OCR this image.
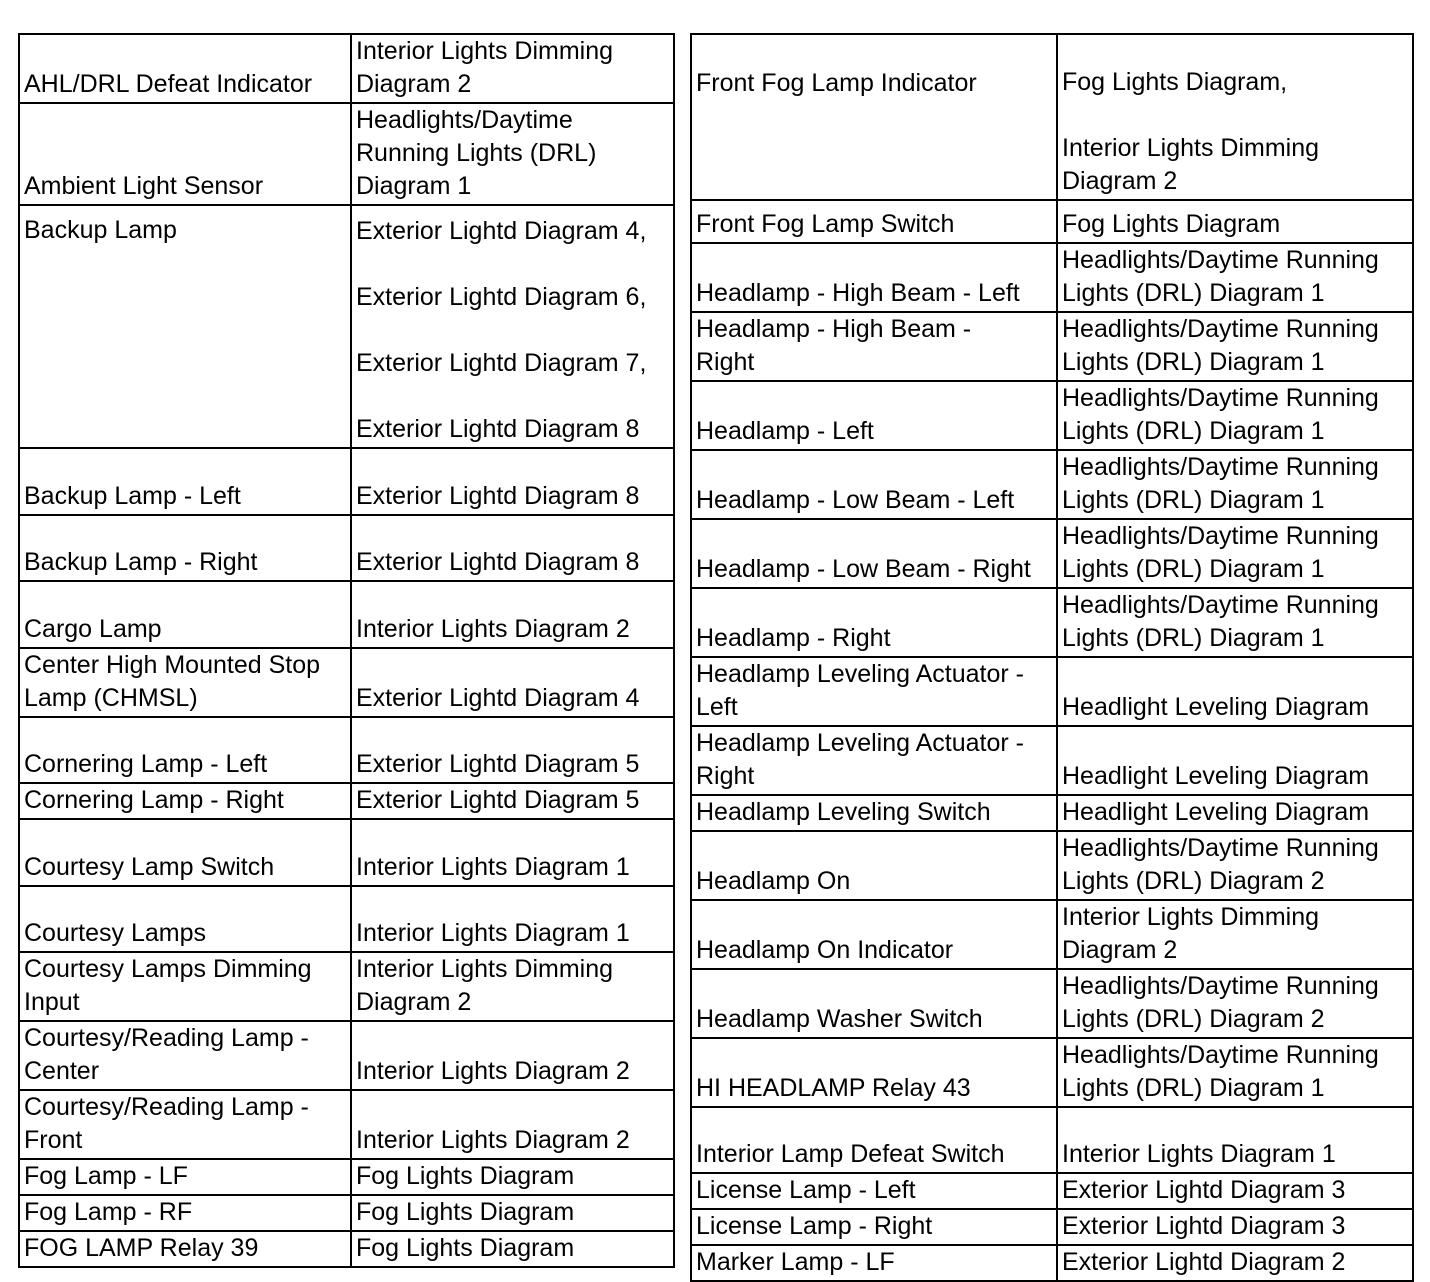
AHL/DRL Defeat Indicator	Interior Lights Dimming
Diagram 2
Ambient Light Sensor	Headlights/Daytime
Running Lights (DRL)
Diagram 1
Backup Lamp	Exterior Lightd Diagram 4,

Exterior Lightd Diagram 6,

Exterior Lightd Diagram 7,

Exterior Lightd Diagram 8
Backup Lamp - Left	Exterior Lightd Diagram 8
Backup Lamp - Right	Exterior Lightd Diagram 8
Cargo Lamp	Interior Lights Diagram 2
Center High Mounted Stop
Lamp (CHMSL)	Exterior Lightd Diagram 4
Cornering Lamp - Left	Exterior Lightd Diagram 5
Cornering Lamp - Right	Exterior Lightd Diagram 5
Courtesy Lamp Switch	Interior Lights Diagram 1
Courtesy Lamps	Interior Lights Diagram 1
Courtesy Lamps Dimming
Input	Interior Lights Dimming
Diagram 2
Courtesy/Reading Lamp -
Center	Interior Lights Diagram 2
Courtesy/Reading Lamp -
Front	Interior Lights Diagram 2
Fog Lamp - LF	Fog Lights Diagram
Fog Lamp - RF	Fog Lights Diagram
FOG LAMP Relay 39	Fog Lights Diagram
Front Fog Lamp Indicator	Fog Lights Diagram,

Interior Lights Dimming
Diagram 2
Front Fog Lamp Switch	Fog Lights Diagram
Headlamp - High Beam - Left	Headlights/Daytime Running
Lights (DRL) Diagram 1
Headlamp - High Beam -
Right	Headlights/Daytime Running
Lights (DRL) Diagram 1
Headlamp - Left	Headlights/Daytime Running
Lights (DRL) Diagram 1
Headlamp - Low Beam - Left	Headlights/Daytime Running
Lights (DRL) Diagram 1
Headlamp - Low Beam - Right	Headlights/Daytime Running
Lights (DRL) Diagram 1
Headlamp - Right	Headlights/Daytime Running
Lights (DRL) Diagram 1
Headlamp Leveling Actuator -
Left	Headlight Leveling Diagram
Headlamp Leveling Actuator -
Right	Headlight Leveling Diagram
Headlamp Leveling Switch	Headlight Leveling Diagram
Headlamp On	Headlights/Daytime Running
Lights (DRL) Diagram 2
Headlamp On Indicator	Interior Lights Dimming
Diagram 2
Headlamp Washer Switch	Headlights/Daytime Running
Lights (DRL) Diagram 2
HI HEADLAMP Relay 43	Headlights/Daytime Running
Lights (DRL) Diagram 1
Interior Lamp Defeat Switch	Interior Lights Diagram 1
License Lamp - Left	Exterior Lightd Diagram 3
License Lamp - Right	Exterior Lightd Diagram 3
Marker Lamp - LF	Exterior Lightd Diagram 2
